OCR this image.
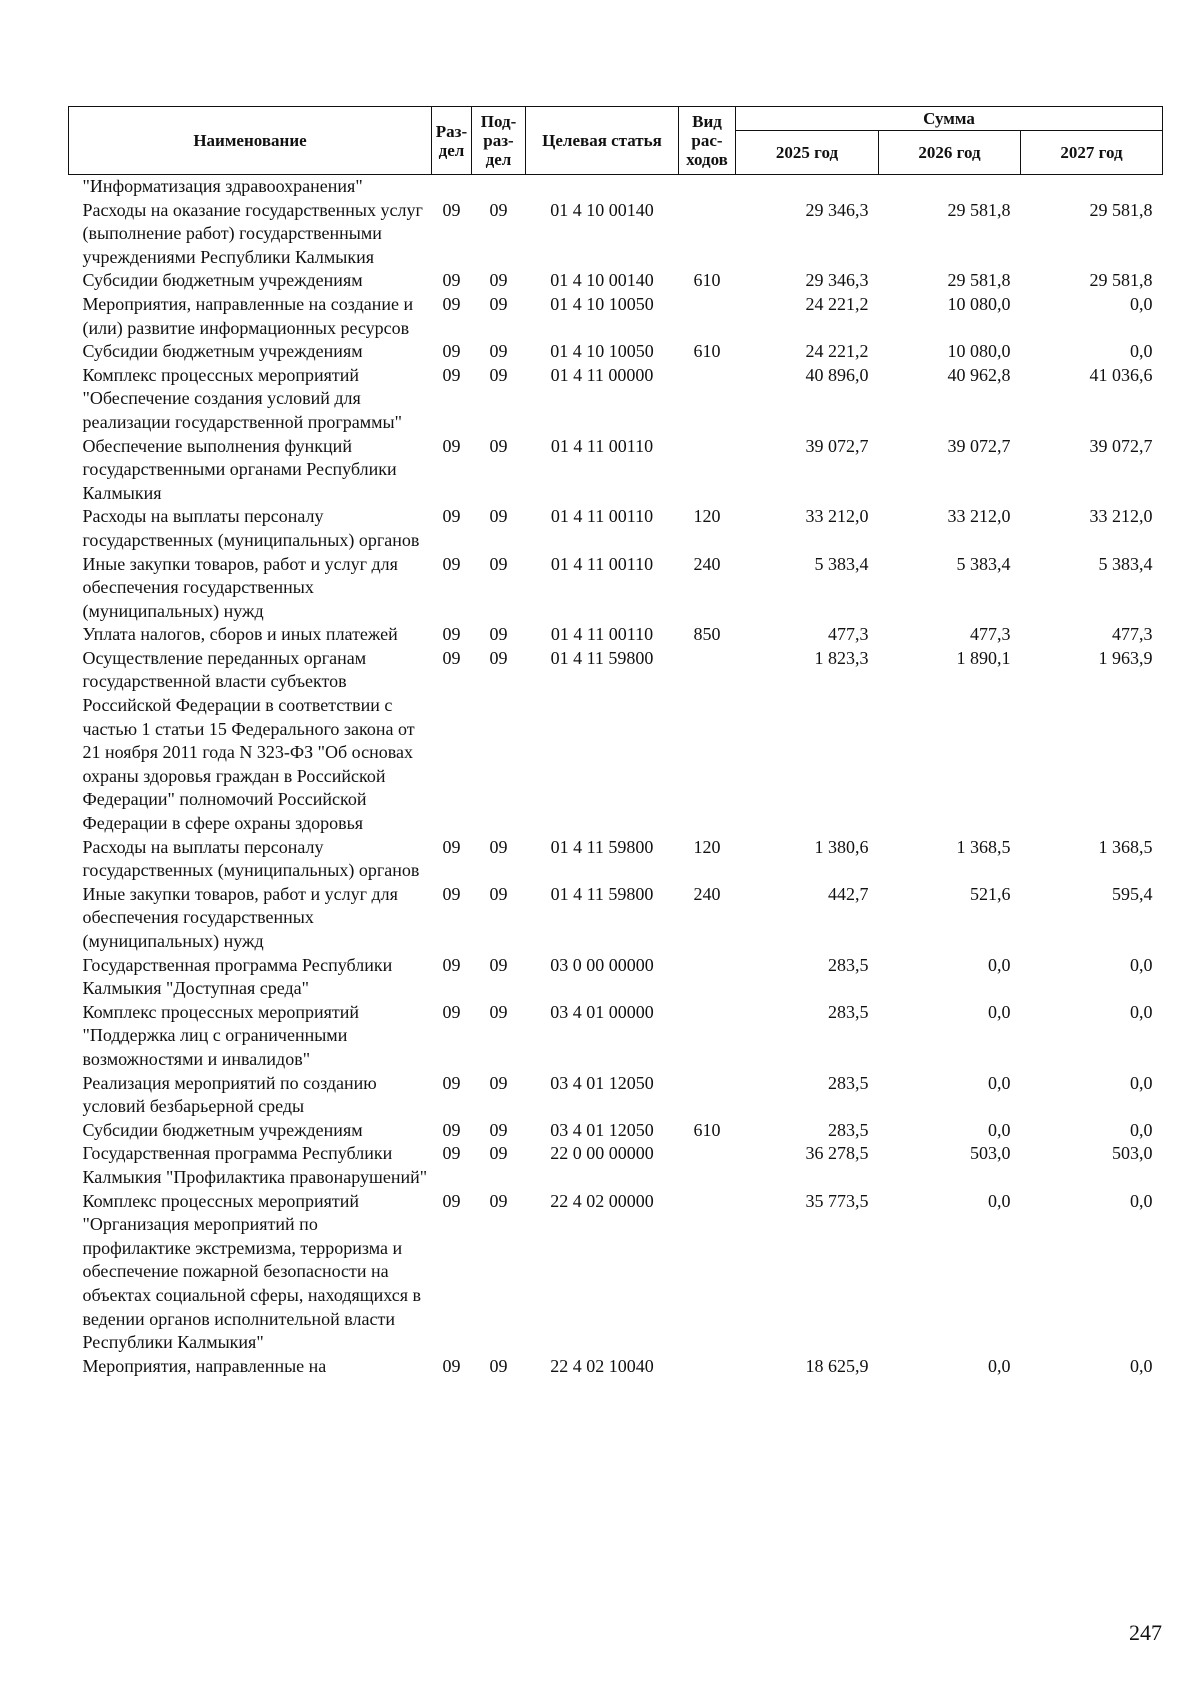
Наименование	Раз-дел	Под-раз-дел	Целевая статья	Вид рас-ходов	Сумма		
					2025 год	2026 год	2027 год
"Информатизация здравоохранения"							
Расходы на оказание государственных услуг (выполнение работ) государственными учреждениями Республики Калмыкия	09	09	01 4 10 00140		29 346,3	29 581,8	29 581,8
Субсидии бюджетным учреждениям	09	09	01 4 10 00140	610	29 346,3	29 581,8	29 581,8
Мероприятия, направленные на создание и (или) развитие информационных ресурсов	09	09	01 4 10 10050		24 221,2	10 080,0	0,0
Субсидии бюджетным учреждениям	09	09	01 4 10 10050	610	24 221,2	10 080,0	0,0
Комплекс процессных мероприятий "Обеспечение создания условий для реализации государственной программы"	09	09	01 4 11 00000		40 896,0	40 962,8	41 036,6
Обеспечение выполнения функций государственными органами Республики Калмыкия	09	09	01 4 11 00110		39 072,7	39 072,7	39 072,7
Расходы на выплаты персоналу государственных (муниципальных) органов	09	09	01 4 11 00110	120	33 212,0	33 212,0	33 212,0
Иные закупки товаров, работ и услуг для обеспечения государственных (муниципальных) нужд	09	09	01 4 11 00110	240	5 383,4	5 383,4	5 383,4
Уплата налогов, сборов и иных платежей	09	09	01 4 11 00110	850	477,3	477,3	477,3
Осуществление переданных органам государственной власти субъектов Российской Федерации в соответствии с частью 1 статьи 15 Федерального закона от 21 ноября 2011 года N 323-ФЗ "Об основах охраны здоровья граждан в Российской Федерации" полномочий Российской Федерации в сфере охраны здоровья	09	09	01 4 11 59800		1 823,3	1 890,1	1 963,9
Расходы на выплаты персоналу государственных (муниципальных) органов	09	09	01 4 11 59800	120	1 380,6	1 368,5	1 368,5
Иные закупки товаров, работ и услуг для обеспечения государственных (муниципальных) нужд	09	09	01 4 11 59800	240	442,7	521,6	595,4
Государственная программа Республики Калмыкия "Доступная среда"	09	09	03 0 00 00000		283,5	0,0	0,0
Комплекс процессных мероприятий "Поддержка лиц с ограниченными возможностями и инвалидов"	09	09	03 4 01 00000		283,5	0,0	0,0
Реализация мероприятий по созданию условий безбарьерной среды	09	09	03 4 01 12050		283,5	0,0	0,0
Субсидии бюджетным учреждениям	09	09	03 4 01 12050	610	283,5	0,0	0,0
Государственная программа Республики Калмыкия "Профилактика правонарушений"	09	09	22 0 00 00000		36 278,5	503,0	503,0
Комплекс процессных мероприятий "Организация мероприятий по профилактике экстремизма, терроризма и обеспечение пожарной безопасности на объектах социальной сферы, находящихся в ведении органов исполнительной власти Республики Калмыкия"	09	09	22 4 02 00000		35 773,5	0,0	0,0
Мероприятия, направленные на	09	09	22 4 02 10040		18 625,9	0,0	0,0
247
